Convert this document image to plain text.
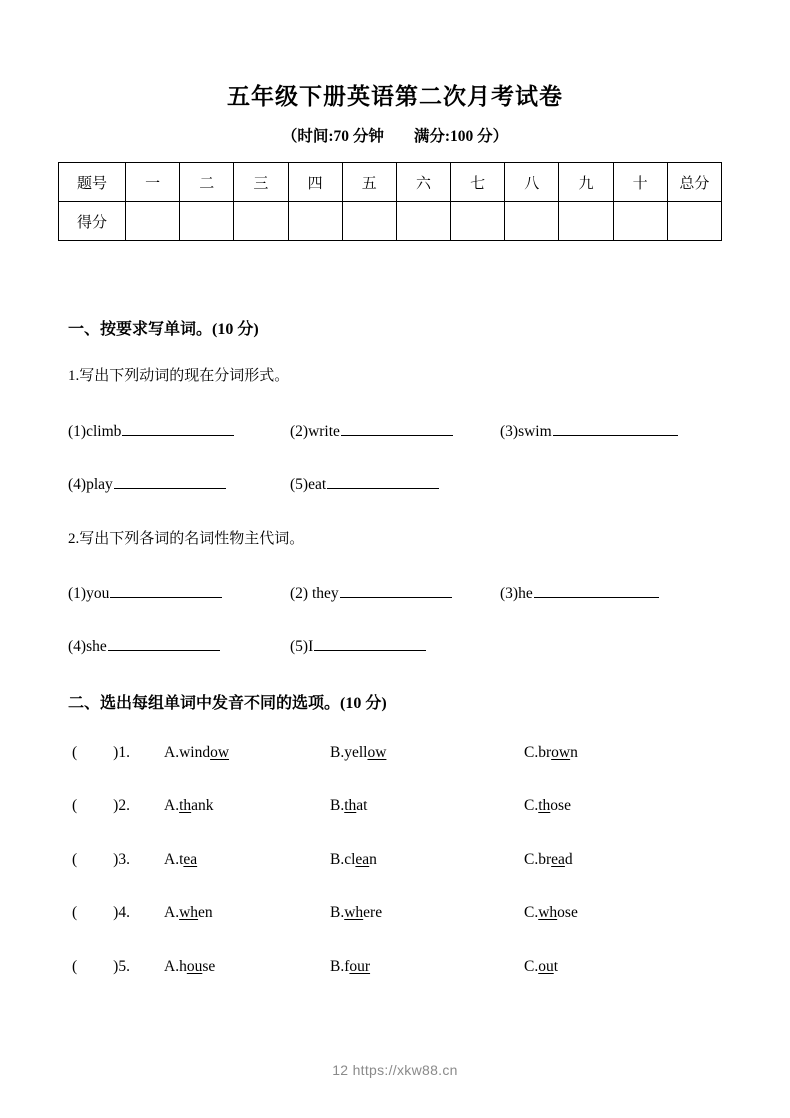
五年级下册英语第二次月考试卷
（时间:70 分钟 满分:100 分）
题号	一	二	三	四	五	六	七	八	九	十	总分
得分											
一、按要求写单词。(10 分)
1.写出下列动词的现在分词形式。
(1)climb	(2)write	(3)swim
(4)play	(5)eat
2.写出下列各词的名词性物主代词。
(1)you	(2) they	(3)he
(4)she	(5)I
二、选出每组单词中发音不同的选项。(10 分)
( )1. A.window	B.yellow	C.brown
( )2. A.thank	B.that	C.those
( )3. A.tea	B.clean	C.bread
( )4. A.when	B.where	C.whose
( )5. A.house	B.four	C.out
12 https://xkw88.cn
